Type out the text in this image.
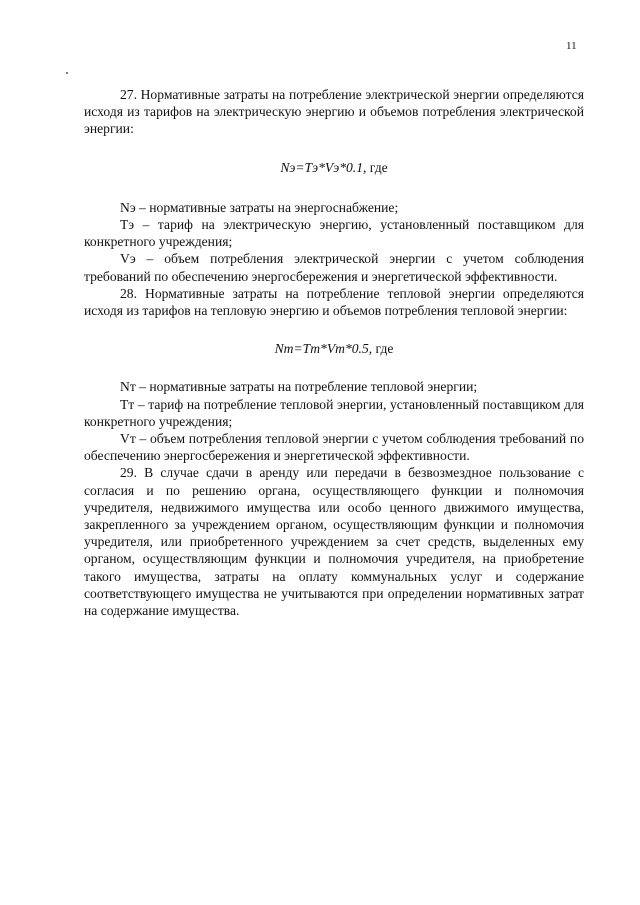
11

27. Нормативные затраты на потребление электрической энергии определяются исходя из тарифов на электрическую энергию и объемов потребления электрической энергии:

Nэ=Tэ*Vэ*0.1, где

Nэ – нормативные затраты на энергоснабжение;

Tэ – тариф на электрическую энергию, установленный поставщиком для конкретного учреждения;

Vэ – объем потребления электрической энергии с учетом соблюдения требований по обеспечению энергосбережения и энергетической эффективности.

28. Нормативные затраты на потребление тепловой энергии определяются исходя из тарифов на тепловую энергию и объемов потребления тепловой энергии:

Nт=Tт*Vт*0.5, где

Nт – нормативные затраты на потребление тепловой энергии;

Tт – тариф на потребление тепловой энергии, установленный поставщиком для конкретного учреждения;

Vт – объем потребления тепловой энергии с учетом соблюдения требований по обеспечению энергосбережения и энергетической эффективности.

29. В случае сдачи в аренду или передачи в безвозмездное пользование с согласия и по решению органа, осуществляющего функции и полномочия учредителя, недвижимого имущества или особо ценного движимого имущества, закрепленного за учреждением органом, осуществляющим функции и полномочия учредителя, или приобретенного учреждением за счет средств, выделенных ему органом, осуществляющим функции и полномочия учредителя, на приобретение такого имущества, затраты на оплату коммунальных услуг и содержание соответствующего имущества не учитываются при определении нормативных затрат на содержание имущества.
